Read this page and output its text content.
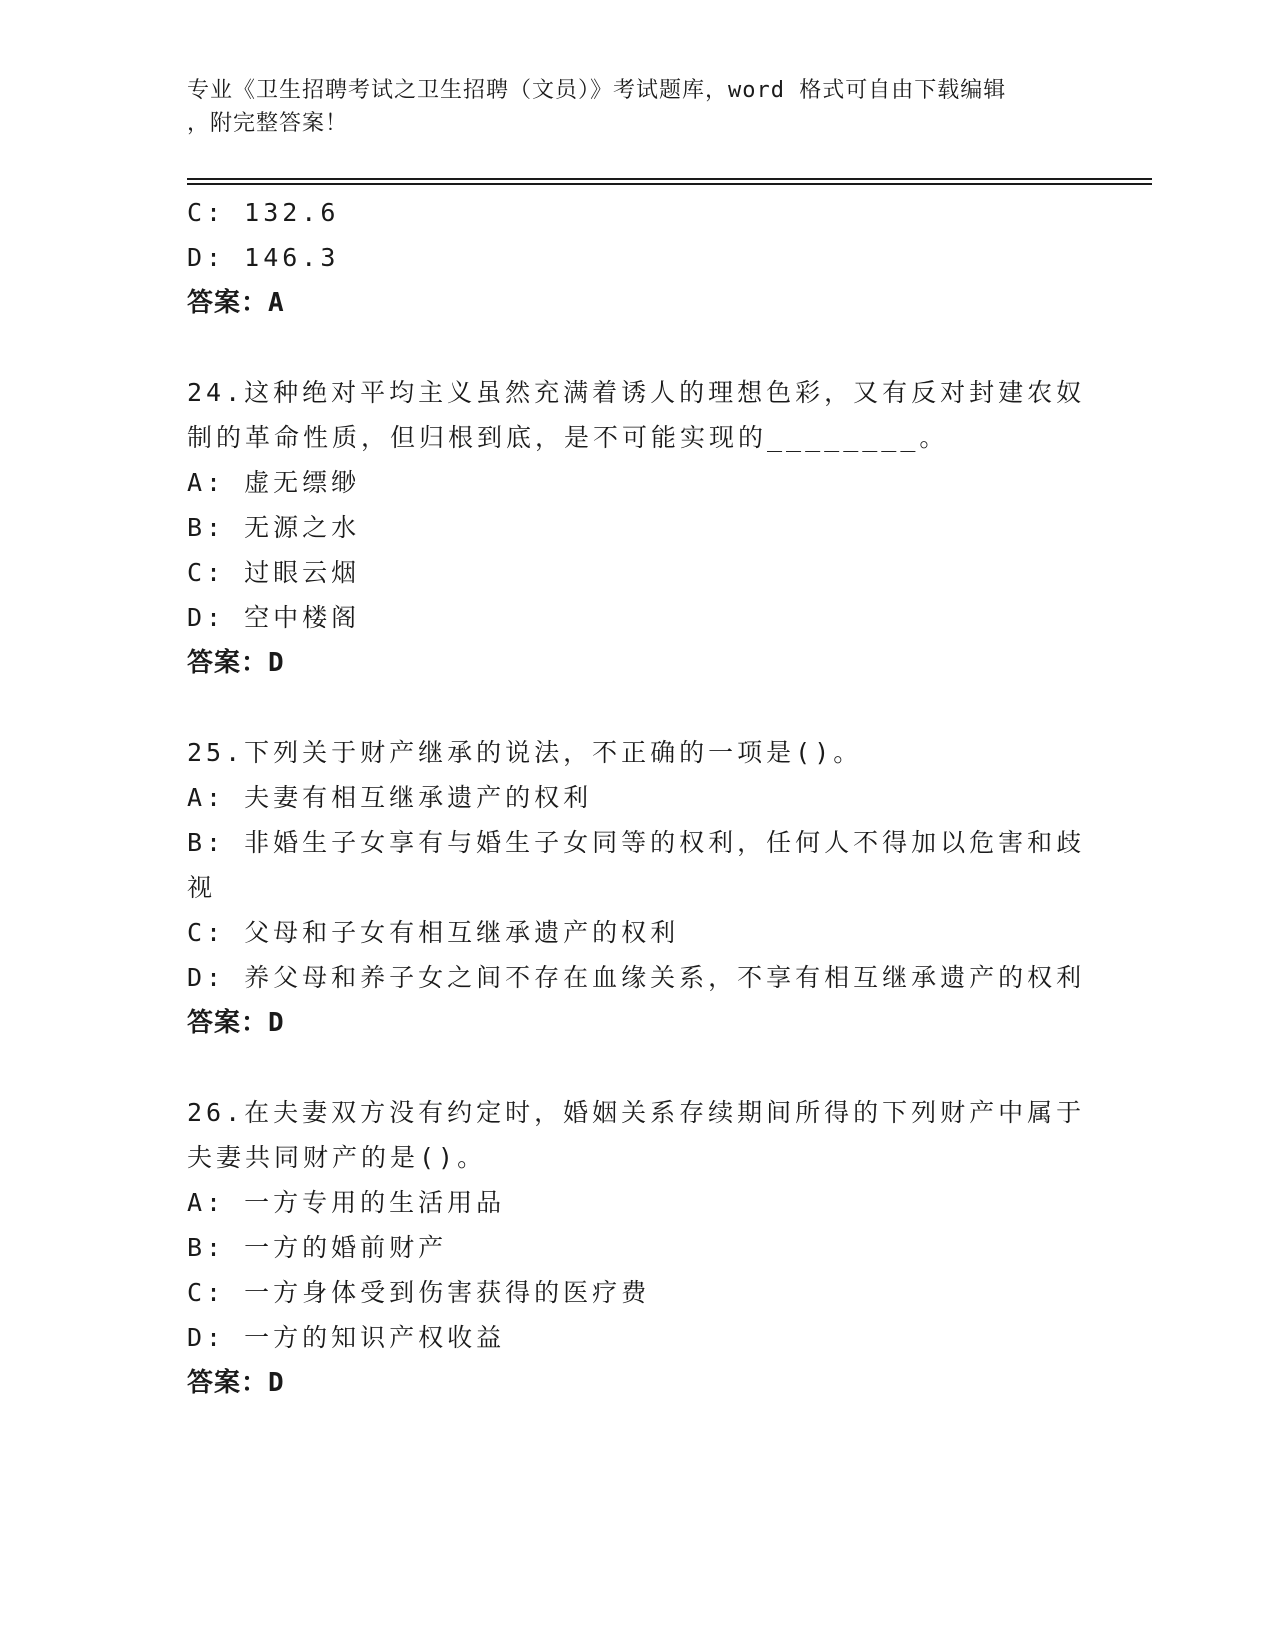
专业《卫生招聘考试之卫生招聘（文员）》考试题库，word 格式可自由下载编辑
，附完整答案！
C: 132.6
D: 146.3
答案：A
24.这种绝对平均主义虽然充满着诱人的理想色彩，又有反对封建农奴
制的革命性质，但归根到底，是不可能实现的________。
A: 虚无缥缈
B: 无源之水
C: 过眼云烟
D: 空中楼阁
答案：D
25.下列关于财产继承的说法，不正确的一项是()。
A: 夫妻有相互继承遗产的权利
B: 非婚生子女享有与婚生子女同等的权利，任何人不得加以危害和歧
视
C: 父母和子女有相互继承遗产的权利
D: 养父母和养子女之间不存在血缘关系，不享有相互继承遗产的权利
答案：D
26.在夫妻双方没有约定时，婚姻关系存续期间所得的下列财产中属于
夫妻共同财产的是()。
A: 一方专用的生活用品
B: 一方的婚前财产
C: 一方身体受到伤害获得的医疗费
D: 一方的知识产权收益
答案：D
